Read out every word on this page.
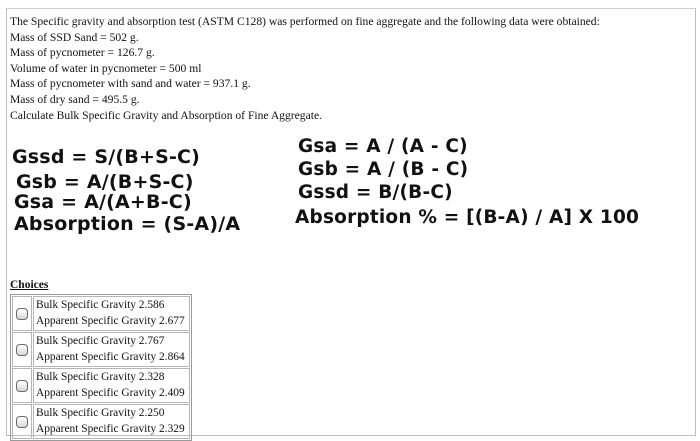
The Specific gravity and absorption test (ASTM C128) was performed on fine aggregate and the following data were obtained:
Mass of SSD Sand = 502 g.
Mass of pycnometer = 126.7 g.
Volume of water in pycnometer = 500 ml
Mass of pycnometer with sand and water = 937.1 g.
Mass of dry sand = 495.5 g.
Calculate Bulk Specific Gravity and Absorption of Fine Aggregate.
Gssd = S/(B+S-C)
Gsb = A/(B+S-C)
Gsa = A/(A+B-C)
Absorption = (S-A)/A
Gsa = A / (A - C)
Gsb = A / (B - C)
Gssd = B/(B-C)
Absorption % = [(B-A) / A] X 100
Choices
Bulk Specific Gravity 2.586
Apparent Specific Gravity 2.677
Bulk Specific Gravity 2.767
Apparent Specific Gravity 2.864
Bulk Specific Gravity 2.328
Apparent Specific Gravity 2.409
Bulk Specific Gravity 2.250
Apparent Specific Gravity 2.329
